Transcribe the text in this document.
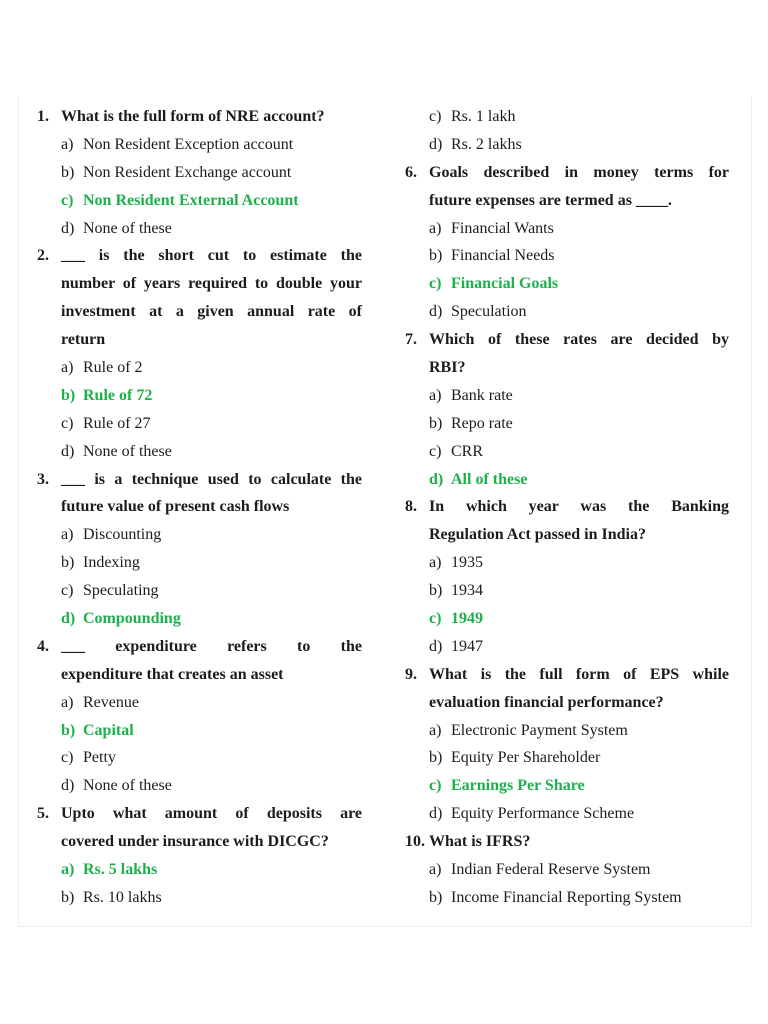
1. What is the full form of NRE account?
a) Non Resident Exception account
b) Non Resident Exchange account
c) Non Resident External Account
d) None of these
2. ___ is the short cut to estimate the
number of years required to double your
investment at a given annual rate of
return
a) Rule of 2
b) Rule of 72
c) Rule of 27
d) None of these
3. ___ is a technique used to calculate the
future value of present cash flows
a) Discounting
b) Indexing
c) Speculating
d) Compounding
4. ___ expenditure refers to the
expenditure that creates an asset
a) Revenue
b) Capital
c) Petty
d) None of these
5. Upto what amount of deposits are
covered under insurance with DICGC?
a) Rs. 5 lakhs
b) Rs. 10 lakhs
c) Rs. 1 lakh
d) Rs. 2 lakhs
6. Goals described in money terms for
future expenses are termed as ____.
a) Financial Wants
b) Financial Needs
c) Financial Goals
d) Speculation
7. Which of these rates are decided by
RBI?
a) Bank rate
b) Repo rate
c) CRR
d) All of these
8. In which year was the Banking
Regulation Act passed in India?
a) 1935
b) 1934
c) 1949
d) 1947
9. What is the full form of EPS while
evaluation financial performance?
a) Electronic Payment System
b) Equity Per Shareholder
c) Earnings Per Share
d) Equity Performance Scheme
10. What is IFRS?
a) Indian Federal Reserve System
b) Income Financial Reporting System
